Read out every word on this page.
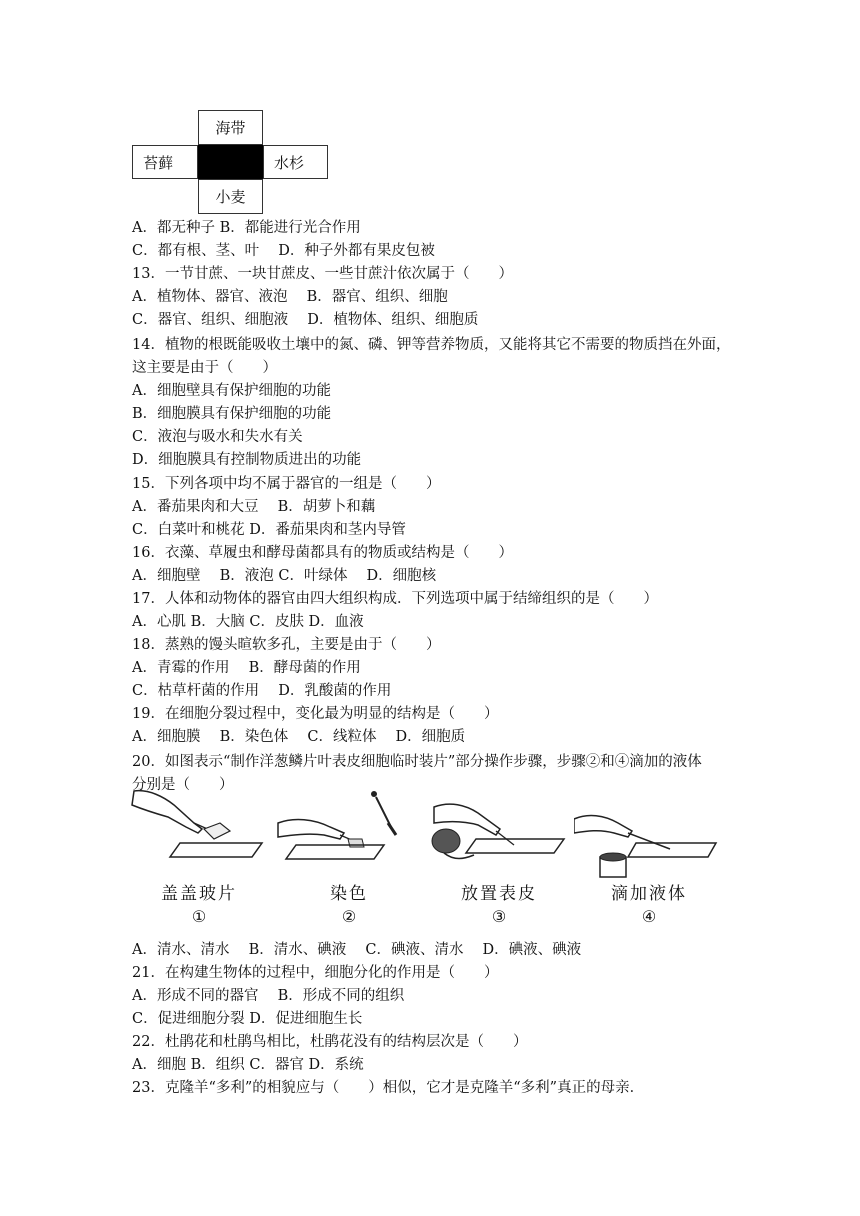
海带
苔藓	水杉
小麦
A．都无种子 B．都能进行光合作用
C．都有根、茎、叶　 D．种子外都有果皮包被
13．一节甘蔗、一块甘蔗皮、一些甘蔗汁依次属于（　　）
A．植物体、器官、液泡　 B．器官、组织、细胞
C．器官、组织、细胞液　 D．植物体、组织、细胞质
14．植物的根既能吸收土壤中的氮、磷、钾等营养物质，又能将其它不需要的物质挡在外面，
这主要是由于（　　）
A．细胞壁具有保护细胞的功能
B．细胞膜具有保护细胞的功能
C．液泡与吸水和失水有关
D．细胞膜具有控制物质进出的功能
15．下列各项中均不属于器官的一组是（　　）
A．番茄果肉和大豆　 B．胡萝卜和藕
C．白菜叶和桃花 D．番茄果肉和茎内导管
16．衣藻、草履虫和酵母菌都具有的物质或结构是（　　）
A．细胞壁　 B．液泡 C．叶绿体　 D．细胞核
17．人体和动物体的器官由四大组织构成．下列选项中属于结缔组织的是（　　）
A．心肌 B．大脑 C．皮肤 D．血液
18．蒸熟的馒头暄软多孔，主要是由于（　　）
A．青霉的作用　 B．酵母菌的作用
C．枯草杆菌的作用　 D．乳酸菌的作用
19．在细胞分裂过程中，变化最为明显的结构是（　　）
A．细胞膜　 B．染色体　 C．线粒体　 D．细胞质
20．如图表示“制作洋葱鳞片叶表皮细胞临时装片”部分操作步骤，步骤②和④滴加的液体
分别是（　　）
盖盖玻片
①
染色
②
放置表皮
③
滴加液体
④
A．清水、清水　 B．清水、碘液　 C．碘液、清水　 D．碘液、碘液
21．在构建生物体的过程中，细胞分化的作用是（　　）
A．形成不同的器官　 B．形成不同的组织
C．促进细胞分裂 D．促进细胞生长
22．杜鹃花和杜鹃鸟相比，杜鹃花没有的结构层次是（　　）
A．细胞 B．组织 C．器官 D．系统
23．克隆羊“多利”的相貌应与（　　）相似，它才是克隆羊“多利”真正的母亲．
